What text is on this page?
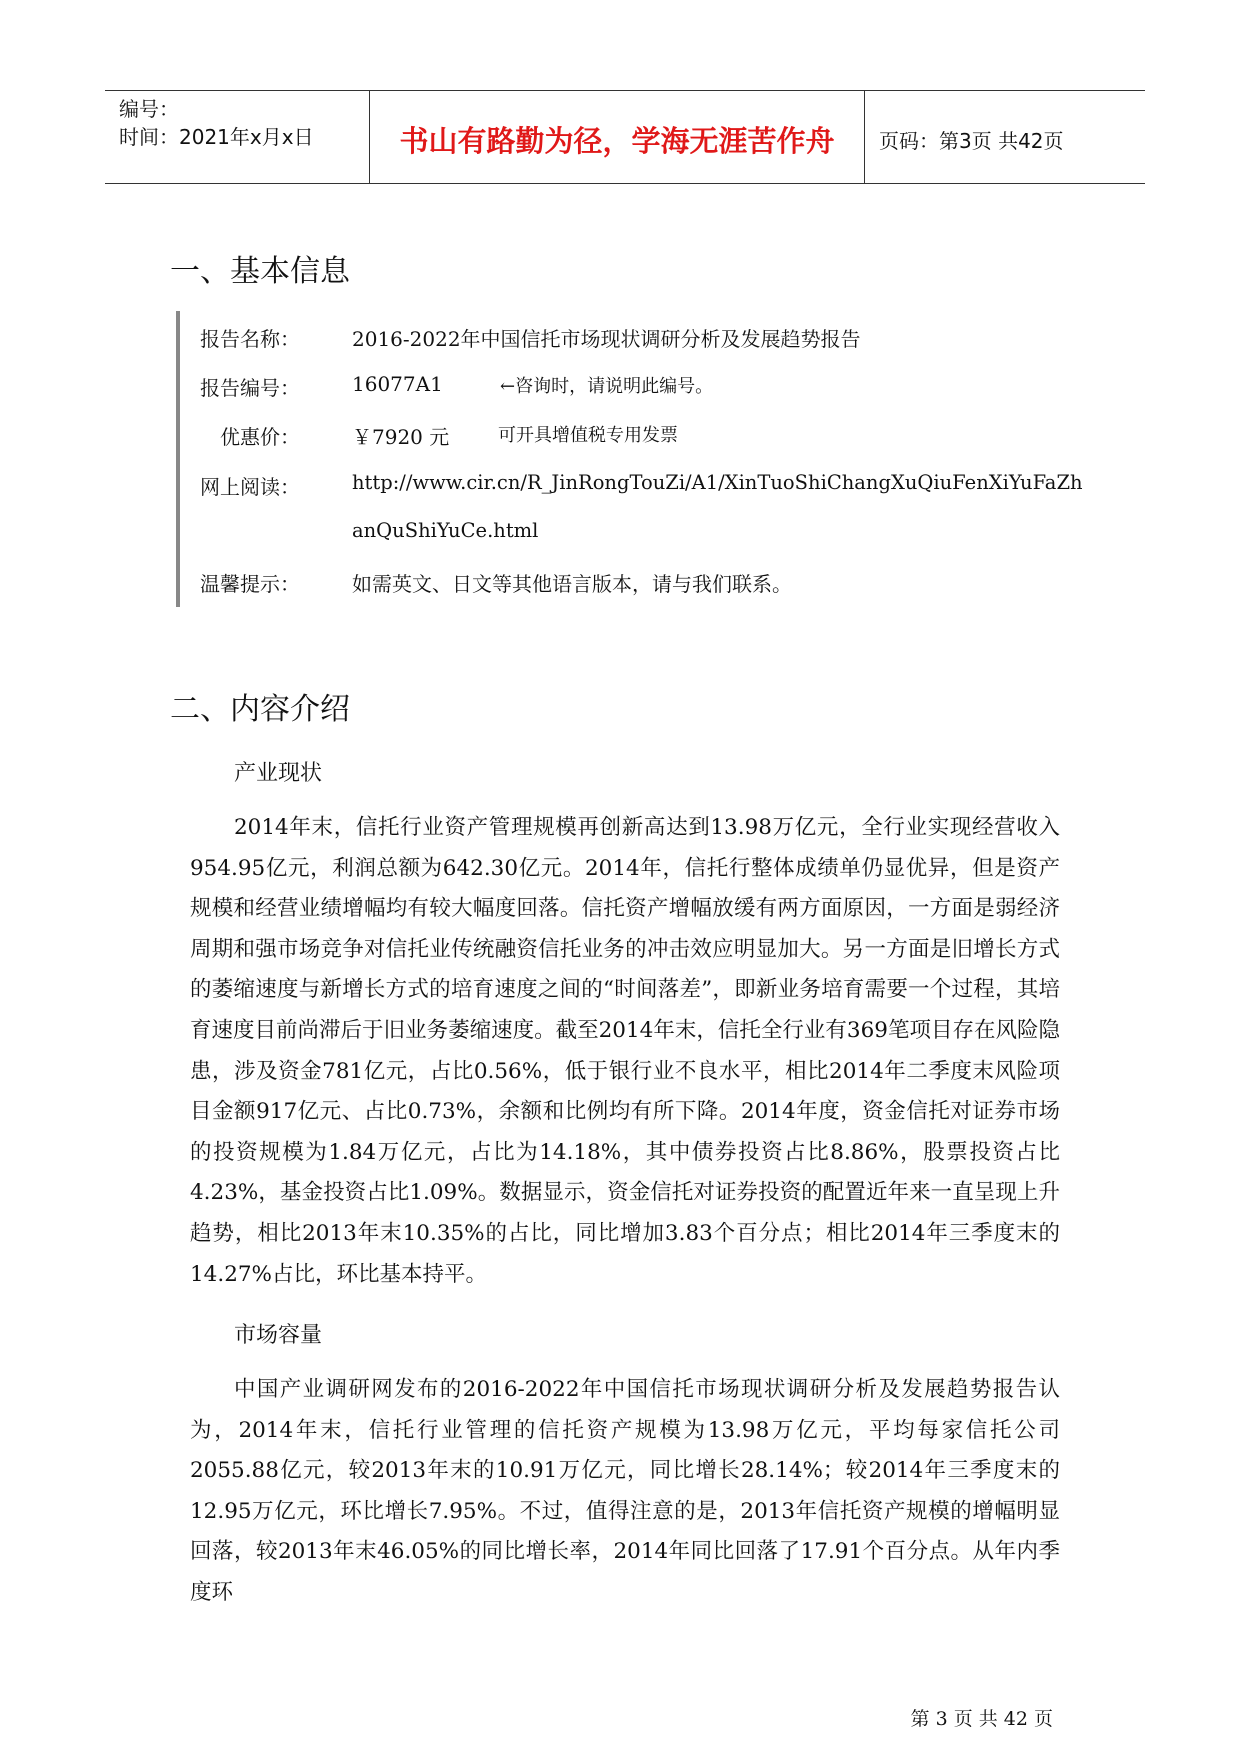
编号：
时间：2021年x月x日	书山有路勤为径，学海无涯苦作舟	页码：第3页 共42页
一、基本信息
报告名称：	2016-2022年中国信托市场现状调研分析及发展趋势报告
报告编号：	16077A1	←咨询时，请说明此编号。
优惠价：	￥7920 元	可开具增值税专用发票
网上阅读：	http://www.cir.cn/R_JinRongTouZi/A1/XinTuoShiChangXuQiuFenXiYuFaZh
anQuShiYuCe.html
温馨提示：	如需英文、日文等其他语言版本，请与我们联系。
二、内容介绍
产业现状

2014年末，信托行业资产管理规模再创新高达到13.98万亿元，全行业实现经营收入954.95亿元，利润总额为642.30亿元。2014年，信托行整体成绩单仍显优异，但是资产规模和经营业绩增幅均有较大幅度回落。信托资产增幅放缓有两方面原因，一方面是弱经济周期和强市场竞争对信托业传统融资信托业务的冲击效应明显加大。另一方面是旧增长方式的萎缩速度与新增长方式的培育速度之间的“时间落差”，即新业务培育需要一个过程，其培育速度目前尚滞后于旧业务萎缩速度。截至2014年末，信托全行业有369笔项目存在风险隐患，涉及资金781亿元，占比0.56%，低于银行业不良水平，相比2014年二季度末风险项目金额917亿元、占比0.73%，余额和比例均有所下降。2014年度，资金信托对证券市场的投资规模为1.84万亿元，占比为14.18%，其中债券投资占比8.86%，股票投资占比4.23%，基金投资占比1.09%。数据显示，资金信托对证券投资的配置近年来一直呈现上升趋势，相比2013年末10.35%的占比，同比增加3.83个百分点；相比2014年三季度末的14.27%占比，环比基本持平。

市场容量

中国产业调研网发布的2016-2022年中国信托市场现状调研分析及发展趋势报告认为，2014年末，信托行业管理的信托资产规模为13.98万亿元，平均每家信托公司2055.88亿元，较2013年末的10.91万亿元，同比增长28.14%；较2014年三季度末的12.95万亿元，环比增长7.95%。不过，值得注意的是，2013年信托资产规模的增幅明显回落，较2013年末46.05%的同比增长率，2014年同比回落了17.91个百分点。从年内季度环

第 3 页 共 42 页
